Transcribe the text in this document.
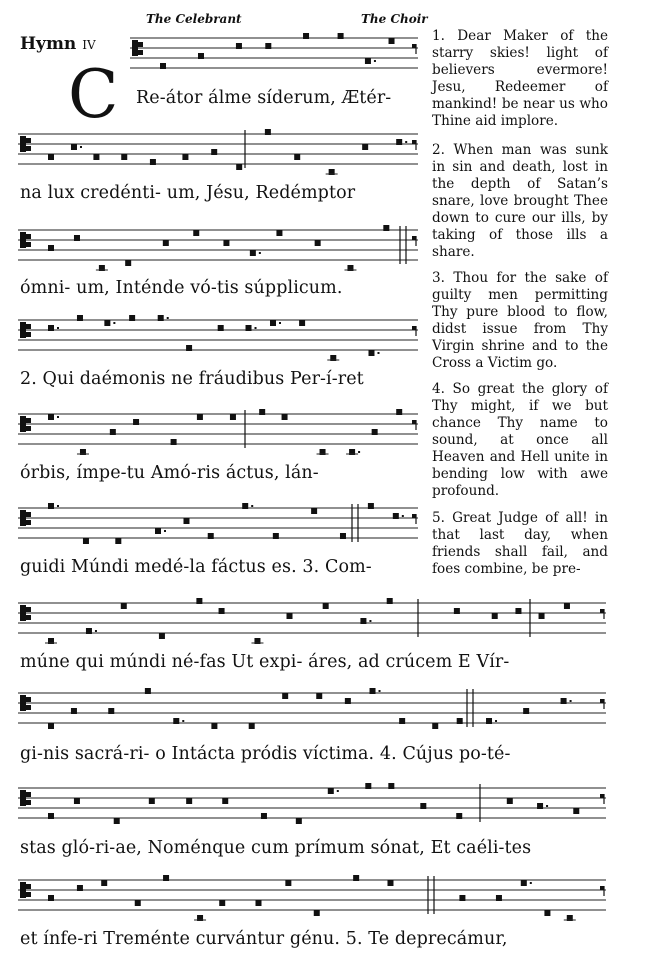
The Celebrant	The Choir
Hymn IV
C Re-átor álme síderum, Ætér-
na lux credénti- um, Jésu, Redémptor
ómni- um, Inténde vó-tis súpplicum.
2. Qui daémonis ne fráudibus Per-í-ret
órbis, ímpe-tu Amó-ris áctus, lán-
guidi Múndi medé-la fáctus es. 3. Com-
múne qui múndi né-fas Ut expi- áres, ad crúcem E Vír-
gi-nis sacrá-ri- o Intácta pródis víctima. 4. Cújus po-té-
stas gló-ri-ae, Noménque cum prímum sónat, Et caéli-tes
et ínfe-ri Treménte curvántur génu. 5. Te deprecámur,
1. Dear Maker of the starry skies! light of believers evermore! Jesu, Redeemer of mankind! be near us who Thine aid implore.
2. When man was sunk in sin and death, lost in the depth of Satan’s snare, love brought Thee down to cure our ills, by taking of those ills a share.
3. Thou for the sake of guilty men permitting Thy pure blood to flow, didst issue from Thy Virgin shrine and to the Cross a Victim go.
4. So great the glory of Thy might, if we but chance Thy name to sound, at once all Heaven and Hell unite in bending low with awe profound.
5. Great Judge of all! in that last day, when friends shall fail, and foes combine, be pre-
